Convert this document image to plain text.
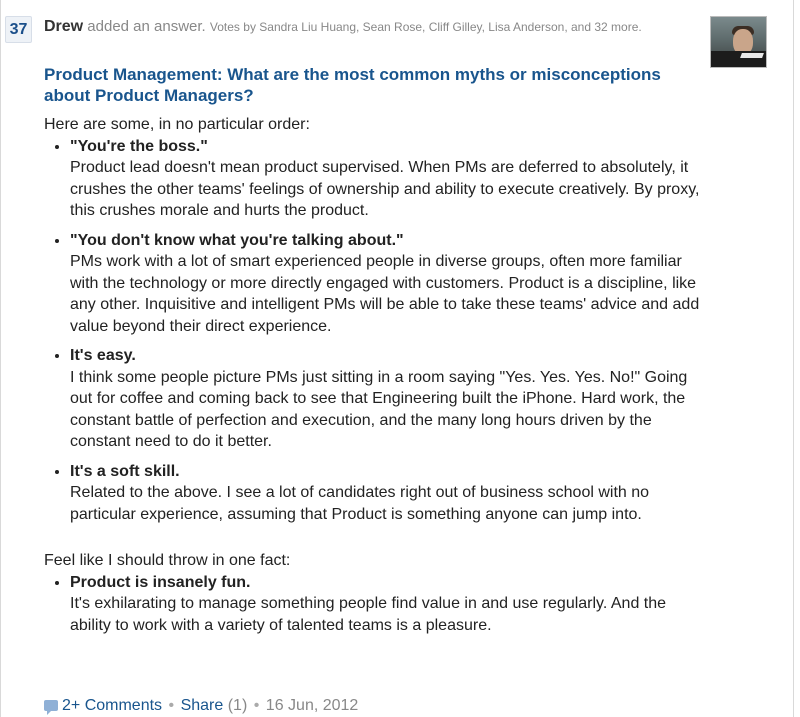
37 Drew added an answer. Votes by Sandra Liu Huang, Sean Rose, Cliff Gilley, Lisa Anderson, and 32 more.
Product Management: What are the most common myths or misconceptions about Product Managers?

Here are some, in no particular order:

• "You're the boss."
Product lead doesn't mean product supervised. When PMs are deferred to absolutely, it crushes the other teams' feelings of ownership and ability to execute creatively. By proxy, this crushes morale and hurts the product.
• "You don't know what you're talking about."
PMs work with a lot of smart experienced people in diverse groups, often more familiar with the technology or more directly engaged with customers. Product is a discipline, like any other. Inquisitive and intelligent PMs will be able to take these teams' advice and add value beyond their direct experience.
• It's easy.
I think some people picture PMs just sitting in a room saying "Yes. Yes. Yes. No!" Going out for coffee and coming back to see that Engineering built the iPhone. Hard work, the constant battle of perfection and execution, and the many long hours driven by the constant need to do it better.
• It's a soft skill.
Related to the above. I see a lot of candidates right out of business school with no particular experience, assuming that Product is something anyone can jump into.

Feel like I should throw in one fact:

• Product is insanely fun.
It's exhilarating to manage something people find value in and use regularly. And the ability to work with a variety of talented teams is a pleasure.
2+ Comments • Share (1) • 16 Jun, 2012
